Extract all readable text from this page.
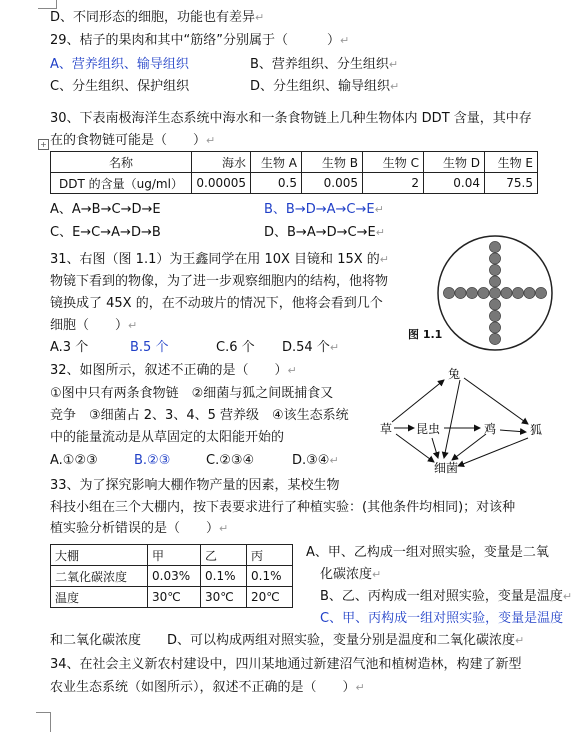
D、不同形态的细胞，功能也有差异↵
29、桔子的果肉和其中“筋络”分别属于（　　　）↵
A、营养组织、输导组织	B、营养组织、分生组织↵
C、分生组织、保护组织	D、分生组织、输导组织↵
30、下表南极海洋生态系统中海水和一条食物链上几种生物体内 DDT 含量，其中存
+ 在的食物链可能是（　　）↵
名称	海水	生物 A	生物 B	生物 C	生物 D	生物 E
DDT 的含量（ug/ml）	0.00005	0.5	0.005	2	0.04	75.5
A、A→B→C→D→E	B、B→D→A→C→E↵
C、E→C→A→D→B	D、B→A→D→C→E↵
31、右图（图 1.1）为王鑫同学在用 10X 目镜和 15X 的↵
物镜下看到的物像，为了进一步观察细胞内的结构，他将物
镜换成了 45X 的，在不动玻片的情况下，他将会看到几个
细胞（　　）↵
A.3 个	B.5 个	C.6 个 D.54 个↵
图 1.1
32、如图所示，叙述不正确的是（　　）↵
①图中只有两条食物链　②细菌与狐之间既捕食又
竞争　③细菌占 2、3、4、5 营养级　④该生态系统
中的能量流动是从草固定的太阳能开始的
A.①②③	B.②③	C.②③④	D.③④↵
草 昆虫	鸡
兔
狐
细菌
33、为了探究影响大棚作物产量的因素，某校生物
科技小组在三个大棚内，按下表要求进行了种植实验：(其他条件均相同)；对该种
植实验分析错误的是（　　）↵
大棚	甲	乙	丙
二氧化碳浓度	0.03%	0.1%	0.1%
温度	30℃	30℃	20℃
A、甲、乙构成一组对照实验，变量是二氧
化碳浓度↵
B、乙、丙构成一组对照实验，变量是温度↵
C、甲、丙构成一组对照实验，变量是温度
和二氧化碳浓度　　D、可以构成两组对照实验，变量分别是温度和二氧化碳浓度↵
34、在社会主义新农村建设中，四川某地通过新建沼气池和植树造林，构建了新型
农业生态系统（如图所示），叙述不正确的是（　　）↵
